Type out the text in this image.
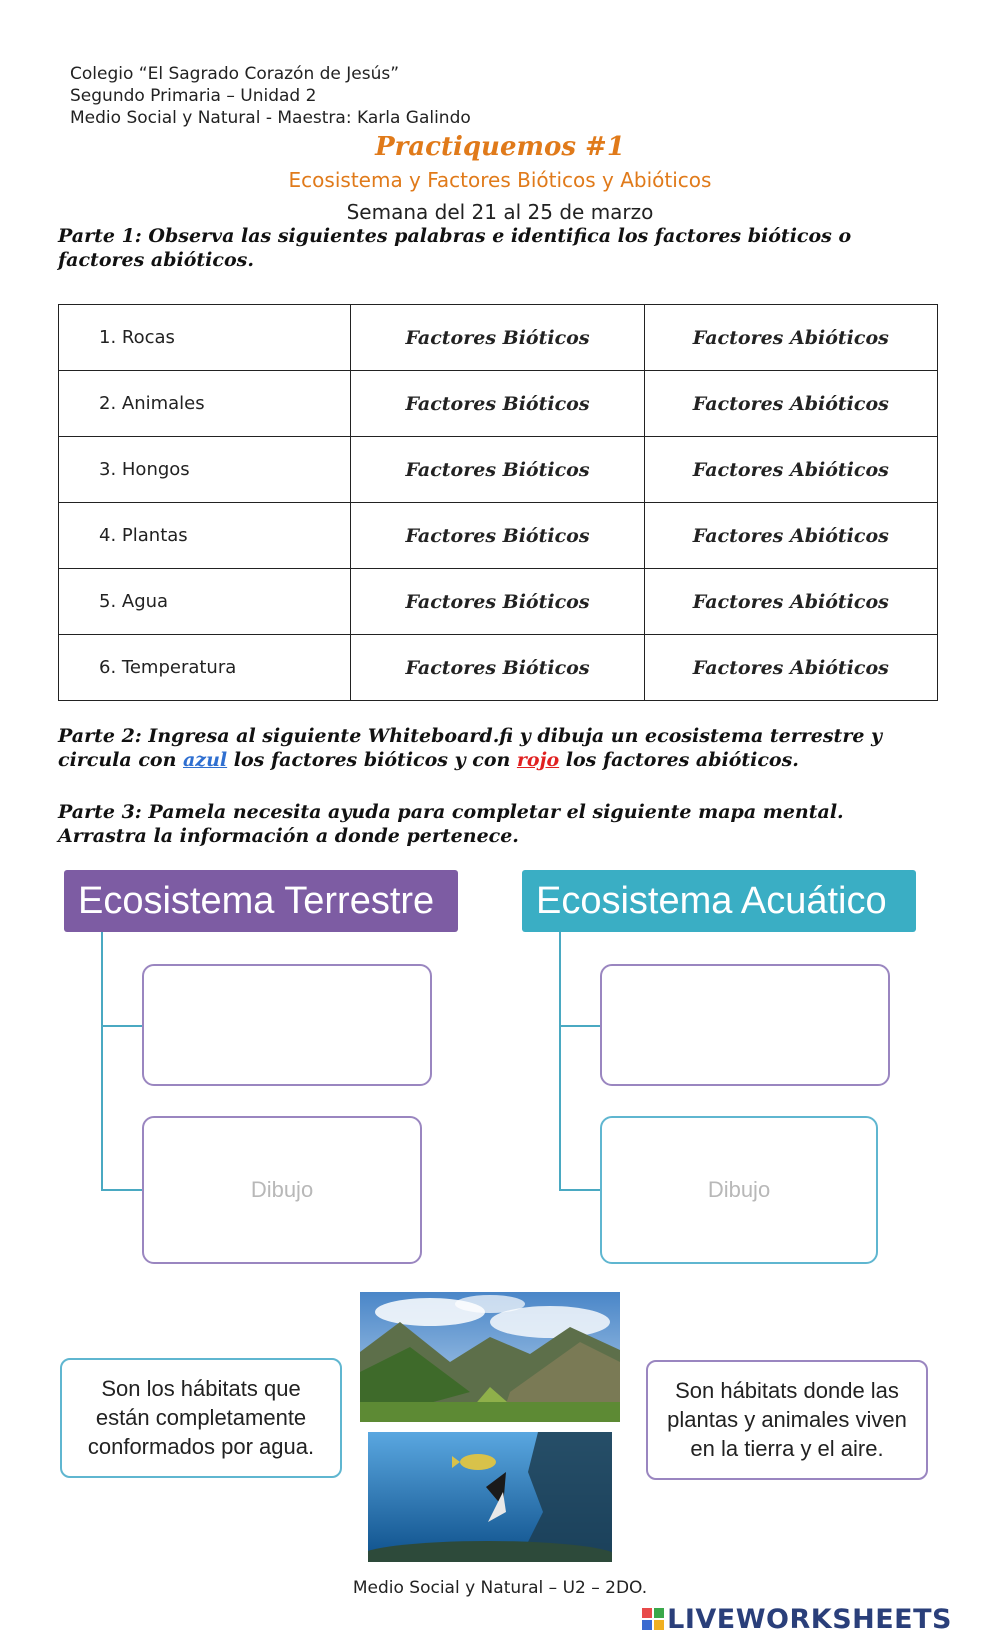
Colegio “El Sagrado Corazón de Jesús”
Segundo Primaria – Unidad 2
Medio Social y Natural - Maestra: Karla Galindo
Practiquemos #1
Ecosistema y Factores Bióticos y Abióticos
Semana del 21 al 25 de marzo
Parte 1: Observa las siguientes palabras e identifica los factores bióticos o
factores abióticos.
1. Rocas	Factores Bióticos	Factores Abióticos
2. Animales	Factores Bióticos	Factores Abióticos
3. Hongos	Factores Bióticos	Factores Abióticos
4. Plantas	Factores Bióticos	Factores Abióticos
5. Agua	Factores Bióticos	Factores Abióticos
6. Temperatura	Factores Bióticos	Factores Abióticos
Parte 2: Ingresa al siguiente Whiteboard.fi y dibuja un ecosistema terrestre y
circula con azul los factores bióticos y con rojo los factores abióticos.
Parte 3: Pamela necesita ayuda para completar el siguiente mapa mental.
Arrastra la información a donde pertenece.
Ecosistema Terrestre
Dibujo
Ecosistema Acuático
Dibujo
Son los hábitats que
están completamente
conformados por agua.
Son hábitats donde las
plantas y animales viven
en la tierra y el aire.
Medio Social y Natural – U2 – 2DO.
LIVEWORKSHEETS
